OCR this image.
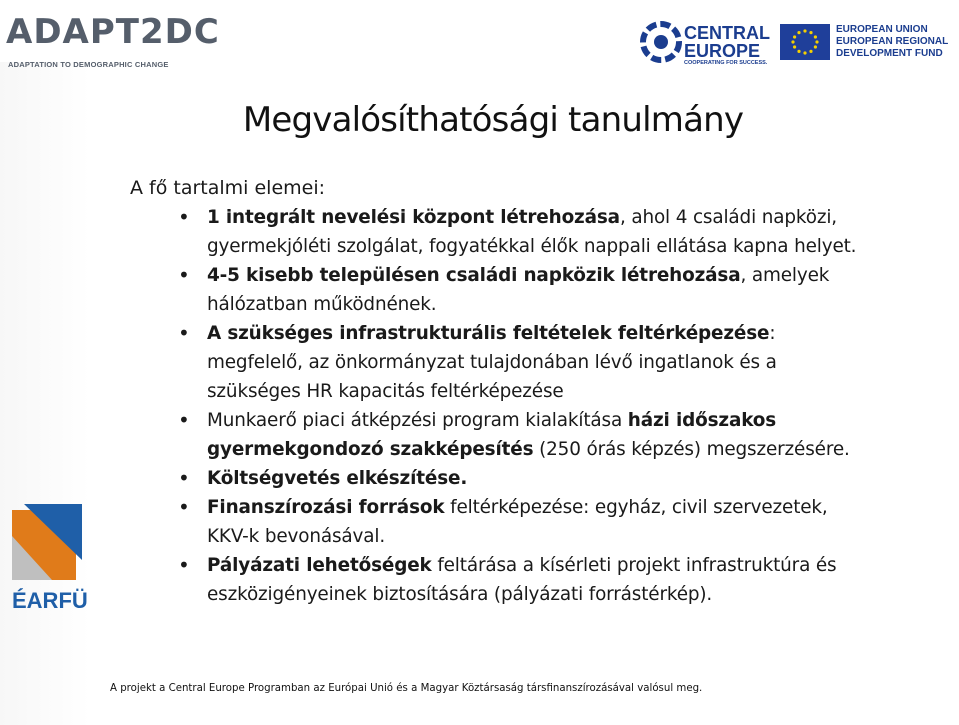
ADAPT2DC
ADAPTATION TO DEMOGRAPHIC CHANGE
CENTRAL
EUROPE
COOPERATING FOR SUCCESS.
EUROPEAN UNION
EUROPEAN REGIONAL
DEVELOPMENT FUND
ÉARFÜ
Megvalósíthatósági tanulmány
A fő tartalmi elemei:
• 1 integrált nevelési központ létrehozása, ahol 4 családi napközi, gyermekjóléti szolgálat, fogyatékkal élők nappali ellátása kapna helyet.
• 4-5 kisebb településen családi napközik létrehozása, amelyek hálózatban működnének.
• A szükséges infrastrukturális feltételek feltérképezése: megfelelő, az önkormányzat tulajdonában lévő ingatlanok és a szükséges HR kapacitás feltérképezése
• Munkaerő piaci átképzési program kialakítása házi időszakos gyermekgondozó szakképesítés (250 órás képzés) megszerzésére.
• Költségvetés elkészítése.
• Finanszírozási források feltérképezése: egyház, civil szervezetek, KKV-k bevonásával.
• Pályázati lehetőségek feltárása a kísérleti projekt infrastruktúra és eszközigényeinek biztosítására (pályázati forrástérkép).
A projekt a Central Europe Programban az Európai Unió és a Magyar Köztársaság társfinanszírozásával valósul meg.
